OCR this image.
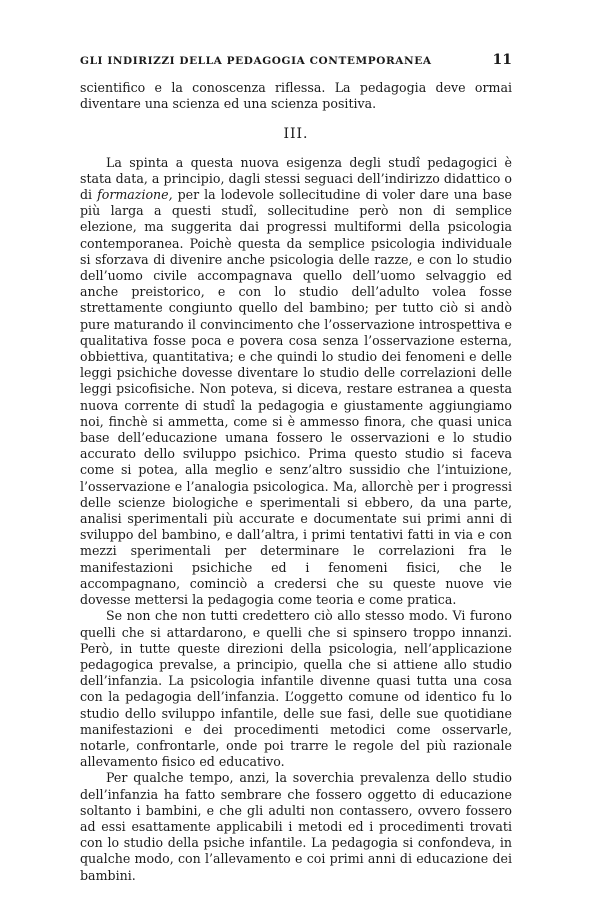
GLI INDIRIZZI DELLA PEDAGOGIA CONTEMPORANEA	11

scientifico e la conoscenza riflessa. La pedagogia deve ormai diventare una scienza ed una scienza positiva.

III.

La spinta a questa nuova esigenza degli studî pedagogici è stata data, a principio, dagli stessi seguaci dell’indirizzo didattico o di formazione, per la lodevole sollecitudine di voler dare una base più larga a questi studî, sollecitudine però non di semplice elezione, ma suggerita dai progressi multiformi della psicologia contemporanea. Poichè questa da semplice psicologia individuale si sforzava di divenire anche psicologia delle razze, e con lo studio dell’uomo civile accompagnava quello dell’uomo selvaggio ed anche preistorico, e con lo studio dell’adulto volea fosse strettamente congiunto quello del bambino; per tutto ciò si andò pure maturando il convincimento che l’osservazione introspettiva e qualitativa fosse poca e povera cosa senza l’osservazione esterna, obbiettiva, quantitativa; e che quindi lo studio dei fenomeni e delle leggi psichiche dovesse diventare lo studio delle correlazioni delle leggi psicofisiche. Non poteva, si diceva, restare estranea a questa nuova corrente di studî la pedagogia e giustamente aggiungiamo noi, finchè si ammetta, come si è ammesso finora, che quasi unica base dell’educazione umana fossero le osservazioni e lo studio accurato dello sviluppo psichico. Prima questo studio si faceva come si potea, alla meglio e senz’altro sussidio che l’intuizione, l’osservazione e l’analogia psicologica. Ma, allorchè per i progressi delle scienze biologiche e sperimentali si ebbero, da una parte, analisi sperimentali più accurate e documentate sui primi anni di sviluppo del bambino, e dall’altra, i primi tentativi fatti in via e con mezzi sperimentali per determinare le correlazioni fra le manifestazioni psichiche ed i fenomeni fisici, che le accompagnano, cominciò a credersi che su queste nuove vie dovesse mettersi la pedagogia come teoria e come pratica.

Se non che non tutti credettero ciò allo stesso modo. Vi furono quelli che si attardarono, e quelli che si spinsero troppo innanzi. Però, in tutte queste direzioni della psicologia, nell’applicazione pedagogica prevalse, a principio, quella che si attiene allo studio dell’infanzia. La psicologia infantile divenne quasi tutta una cosa con la pedagogia dell’infanzia. L’oggetto comune od identico fu lo studio dello sviluppo infantile, delle sue fasi, delle sue quotidiane manifestazioni e dei procedimenti metodici come osservarle, notarle, confrontarle, onde poi trarre le regole del più razionale allevamento fisico ed educativo.

Per qualche tempo, anzi, la soverchia prevalenza dello studio dell’infanzia ha fatto sembrare che fossero oggetto di educazione soltanto i bambini, e che gli adulti non contassero, ovvero fossero ad essi esattamente applicabili i metodi ed i procedimenti trovati con lo studio della psiche infantile. La pedagogia si confondeva, in qualche modo, con l’allevamento e coi primi anni di educazione dei bambini.
